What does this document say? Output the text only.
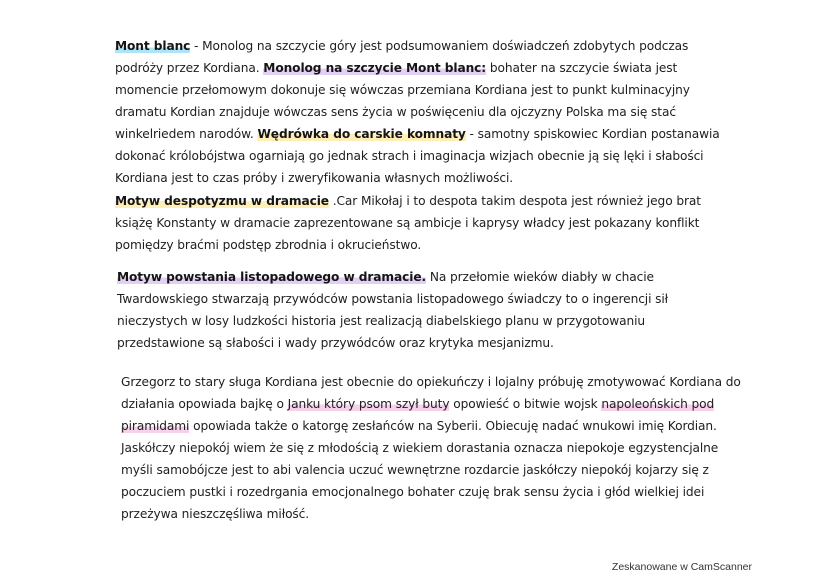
Mont blanc - Monolog na szczycie góry jest podsumowaniem doświadczeń zdobytych podczas podróży przez Kordiana. Monolog na szczycie Mont blanc: bohater na szczycie świata jest momencie przełomowym dokonuje się wówczas przemiana Kordiana jest to punkt kulminacyjny dramatu Kordian znajduje wówczas sens życia w poświęceniu dla ojczyzny Polska ma się stać winkelriedem narodów. Wędrówka do carskie komnaty - samotny spiskowiec Kordian postanawia dokonać królobójstwa ogarniają go jednak strach i imaginacja wizjach obecnie ją się lęki i słabości Kordiana jest to czas próby i zweryfikowania własnych możliwości.
Motyw despotyzmu w dramacie .Car Mikołaj i to despota takim despota jest również jego brat książę Konstanty w dramacie zaprezentowane są ambicje i kaprysy władcy jest pokazany konflikt pomiędzy braćmi podstęp zbrodnia i okrucieństwo.
Motyw powstania listopadowego w dramacie. Na przełomie wieków diabły w chacie Twardowskiego stwarzają przywódców powstania listopadowego świadczy to o ingerencji sił nieczystych w losy ludzkości historia jest realizacją diabelskiego planu w przygotowaniu przedstawione są słabości i wady przywódców oraz krytyka mesjanizmu.
Grzegorz to stary sługa Kordiana jest obecnie do opiekuńczy i lojalny próbuję zmotywować Kordiana do działania opowiada bajkę o Janku który psom szył buty opowieść o bitwie wojsk napoleońskich pod piramidami opowiada także o katorgę zesłańców na Syberii. Obiecuję nadać wnukowi imię Kordian. Jaskółczy niepokój wiem że się z młodością z wiekiem dorastania oznacza niepokoje egzystencjalne myśli samobójcze jest to abi valencia uczuć wewnętrzne rozdarcie jaskółczy niepokój kojarzy się z poczuciem pustki i rozedrgania emocjonalnego bohater czuję brak sensu życia i głód wielkiej idei przeżywa nieszczęśliwa miłość.
Zeskanowane w CamScanner
